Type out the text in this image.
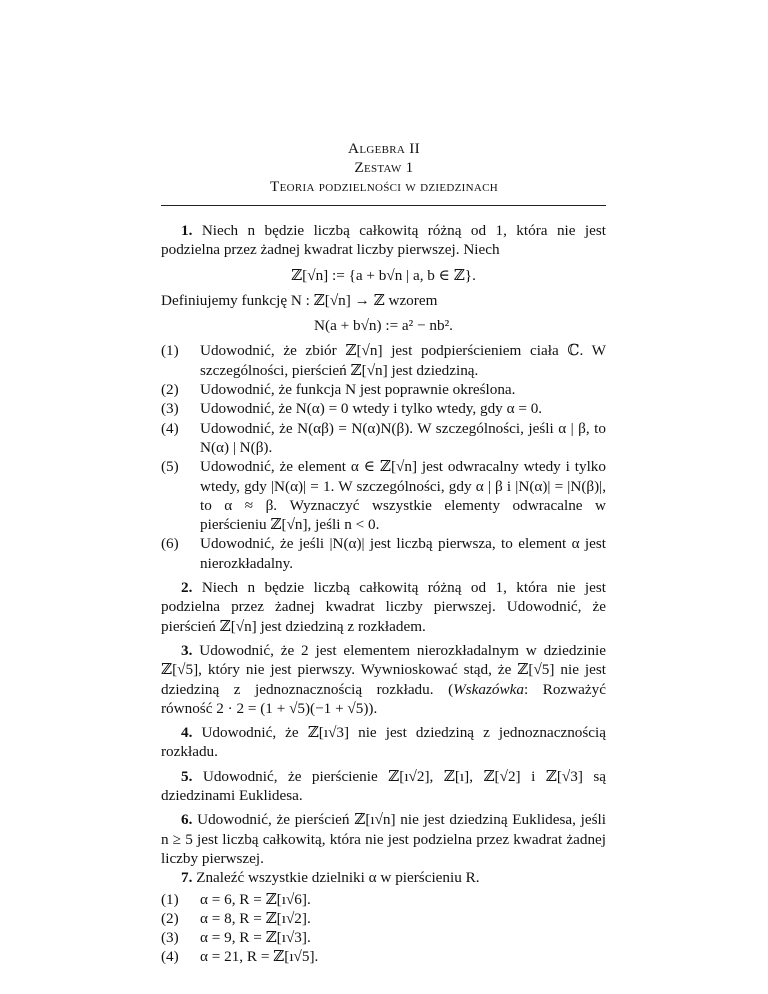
Algebra II
Zestaw 1
Teoria podzielności w dziedzinach

1. Niech n będzie liczbą całkowitą różną od 1, która nie jest podzielna przez żadnej kwadrat liczby pierwszej. Niech

ℤ[√n] := {a + b√n | a, b ∈ ℤ}.

Definiujemy funkcję N : ℤ[√n] → ℤ wzorem

N(a + b√n) := a² − nb².

(1) Udowodnić, że zbiór ℤ[√n] jest podpierścieniem ciała ℂ. W szczególności, pierścień ℤ[√n] jest dziedziną.
(2) Udowodnić, że funkcja N jest poprawnie określona.
(3) Udowodnić, że N(α) = 0 wtedy i tylko wtedy, gdy α = 0.
(4) Udowodnić, że N(αβ) = N(α)N(β). W szczególności, jeśli α | β, to N(α) | N(β).
(5) Udowodnić, że element α ∈ ℤ[√n] jest odwracalny wtedy i tylko wtedy, gdy |N(α)| = 1. W szczególności, gdy α | β i |N(α)| = |N(β)|, to α ≈ β. Wyznaczyć wszystkie elementy odwracalne w pierścieniu ℤ[√n], jeśli n < 0.
(6) Udowodnić, że jeśli |N(α)| jest liczbą pierwsza, to element α jest nierozkładalny.

2. Niech n będzie liczbą całkowitą różną od 1, która nie jest podzielna przez żadnej kwadrat liczby pierwszej. Udowodnić, że pierścień ℤ[√n] jest dziedziną z rozkładem.

3. Udowodnić, że 2 jest elementem nierozkładalnym w dziedzinie ℤ[√5], który nie jest pierwszy. Wywnioskować stąd, że ℤ[√5] nie jest dziedziną z jednoznacznością rozkładu. (Wskazówka: Rozważyć równość 2 · 2 = (1 + √5)(−1 + √5)).

4. Udowodnić, że ℤ[ı√3] nie jest dziedziną z jednoznacznością rozkładu.

5. Udowodnić, że pierścienie ℤ[ı√2], ℤ[ı], ℤ[√2] i ℤ[√3] są dziedzinami Euklidesa.

6. Udowodnić, że pierścień ℤ[ı√n] nie jest dziedziną Euklidesa, jeśli n ≥ 5 jest liczbą całkowitą, która nie jest podzielna przez kwadrat żadnej liczby pierwszej.

7. Znaleźć wszystkie dzielniki α w pierścieniu R.

(1) α = 6, R = ℤ[ı√6].
(2) α = 8, R = ℤ[ı√2].
(3) α = 9, R = ℤ[ı√3].
(4) α = 21, R = ℤ[ı√5].
